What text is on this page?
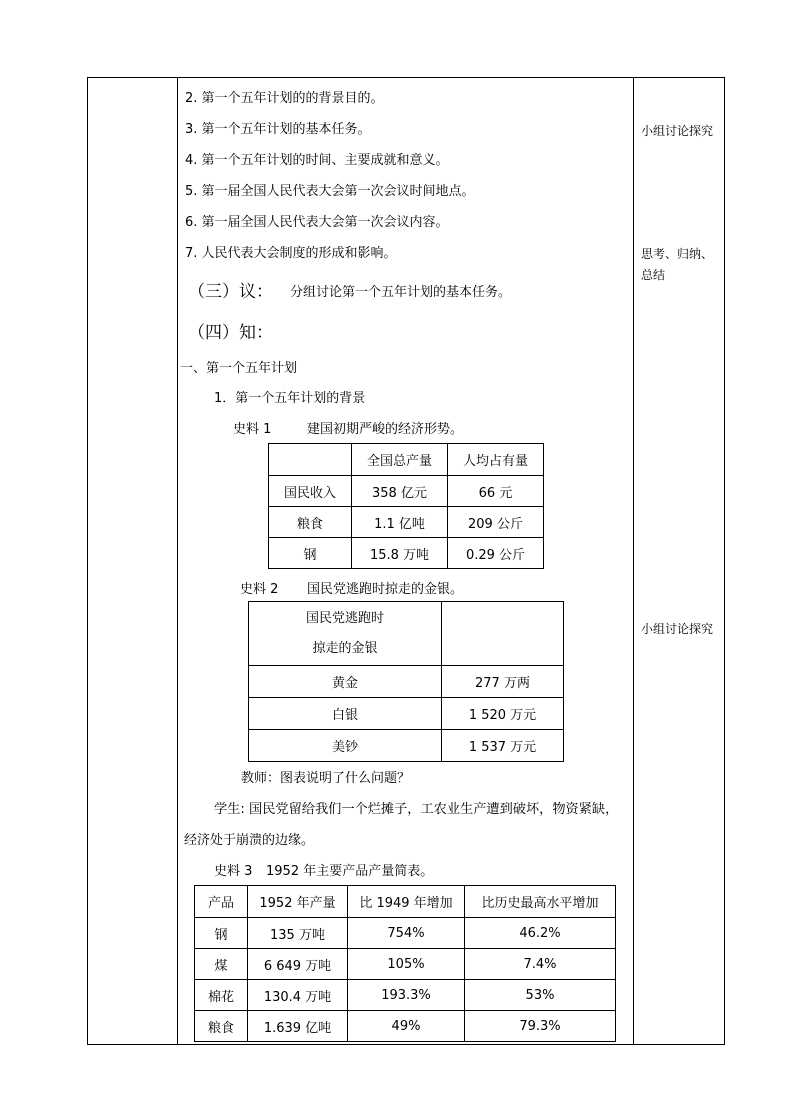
2. 第一个五年计划的的背景目的。
3. 第一个五年计划的基本任务。
4. 第一个五年计划的时间、主要成就和意义。
5. 第一届全国人民代表大会第一次会议时间地点。
6. 第一届全国人民代表大会第一次会议内容。
7. 人民代表大会制度的形成和影响。
（三）议： 分组讨论第一个五年计划的基本任务。
（四）知：
一、第一个五年计划
1．第一个五年计划的背景
史料 1	建国初期严峻的经济形势。
	全国总产量	人均占有量
国民收入	358 亿元	66 元
粮食	1.1 亿吨	209 公斤
钢	15.8 万吨	0.29 公斤
史料 2 国民党逃跑时掠走的金银。
国民党逃跑时
掠走的金银	

黄金	277 万两
白银	1 520 万元
美钞	1 537 万元
教师：图表说明了什么问题？
学生: 国民党留给我们一个烂摊子，工农业生产遭到破坏，物资紧缺，
经济处于崩溃的边缘。
史料 3 1952 年主要产品产量简表。
产品	1952 年产量	比 1949 年增加	比历史最高水平增加
钢	135 万吨	754%	46.2%
煤	6 649 万吨	105%	7.4%
棉花	130.4 万吨	193.3%	53%
粮食	1.639 亿吨	49%	79.3%
小组讨论探究
思考、归纳、总结
小组讨论探究
